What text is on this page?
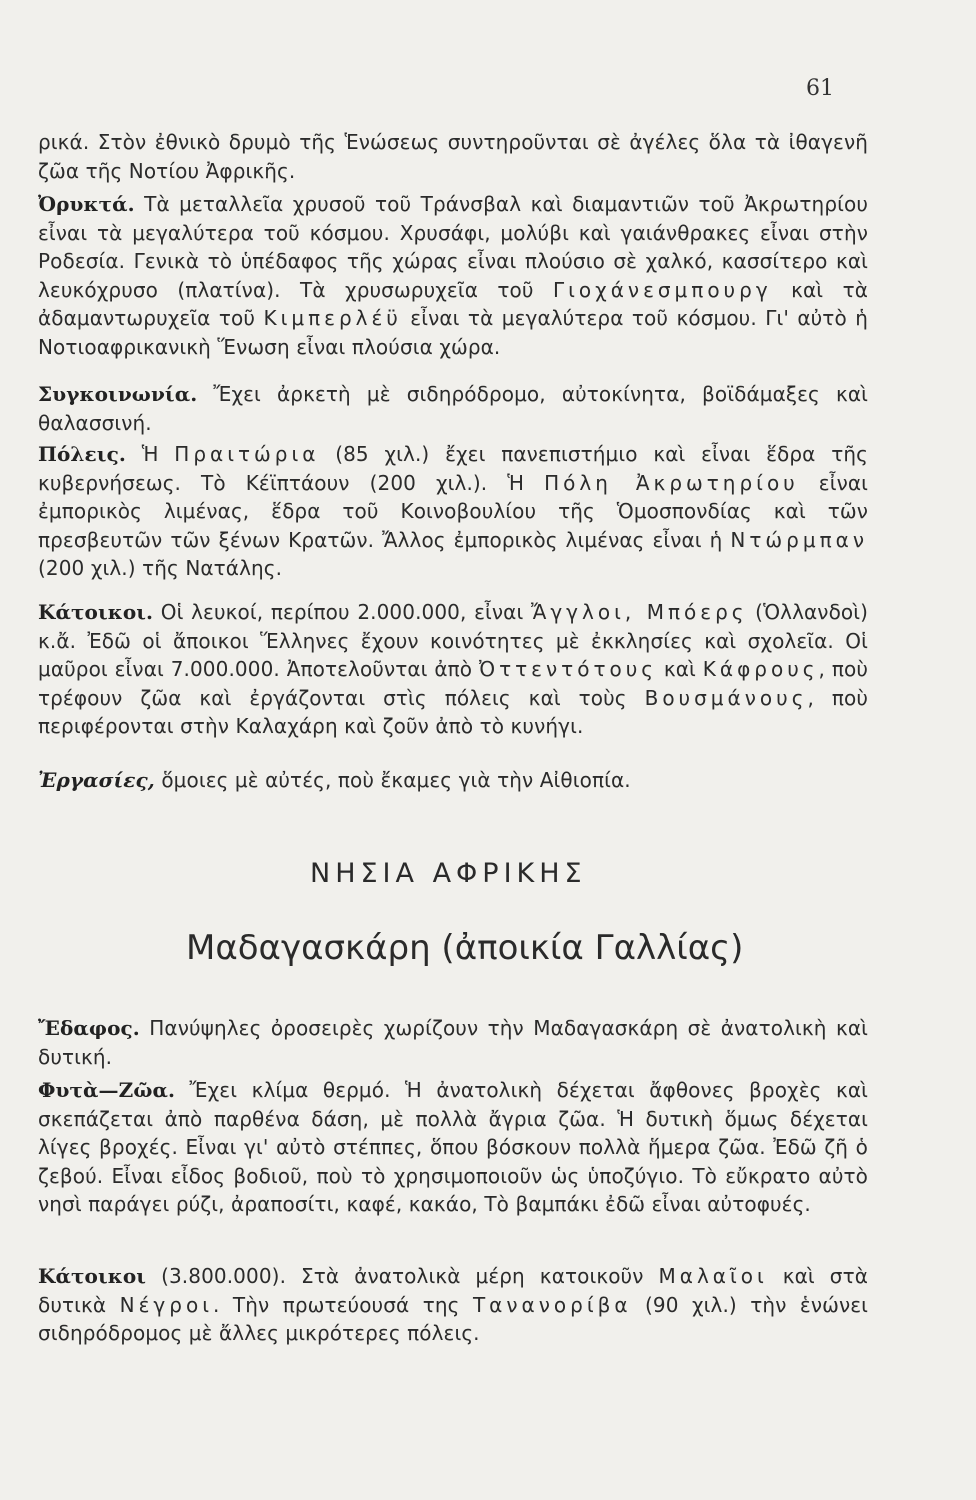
61

ρικά. Στὸν ἐθνικὸ δρυμὸ τῆς Ἑνώσεως συντηροῦνται σὲ ἀγέλες ὅλα τὰ ἰθαγενῆ ζῶα τῆς Νοτίου Ἀφρικῆς.

Ὀρυκτά. Τὰ μεταλλεῖα χρυσοῦ τοῦ Τράνσβαλ καὶ διαμαντιῶν τοῦ Ἀκρωτηρίου εἶναι τὰ μεγαλύτερα τοῦ κόσμου. Χρυσάφι, μολύβι καὶ γαιάνθρακες εἶναι στὴν Ροδεσία. Γενικὰ τὸ ὑπέδαφος τῆς χώρας εἶναι πλούσιο σὲ χαλκό, κασσίτερο καὶ λευκόχρυσο (πλατίνα). Τὰ χρυσωρυχεῖα τοῦ Γιοχάνεσμπουργ καὶ τὰ ἀδαμαντωρυχεῖα τοῦ Κιμπερλέϋ εἶναι τὰ μεγαλύτερα τοῦ κόσμου. Γι' αὐτὸ ἡ Νοτιοαφρικανικὴ Ἕνωση εἶναι πλούσια χώρα.

Συγκοινωνία. Ἔχει ἀρκετὴ μὲ σιδηρόδρομο, αὐτοκίνητα, βοϊδάμαξες καὶ θαλασσινή.

Πόλεις. Ἡ Πραιτώρια (85 χιλ.) ἔχει πανεπιστήμιο καὶ εἶναι ἕδρα τῆς κυβερνήσεως. Τὸ Κέϊπτάουν (200 χιλ.). Ἡ Πόλη Ἀκρωτηρίου εἶναι ἐμπορικὸς λιμένας, ἕδρα τοῦ Κοινοβουλίου τῆς Ὁμοσπονδίας καὶ τῶν πρεσβευτῶν τῶν ξένων Κρατῶν. Ἄλλος ἐμπορικὸς λιμένας εἶναι ἡ Ντώρμπαν (200 χιλ.) τῆς Νατάλης.

Κάτοικοι. Οἱ λευκοί, περίπου 2.000.000, εἶναι Ἄγγλοι, Μπόερς (Ὁλλανδοὶ) κ.ἄ. Ἐδῶ οἱ ἄποικοι Ἕλληνες ἔχουν κοινότητες μὲ ἐκκλησίες καὶ σχολεῖα. Οἱ μαῦροι εἶναι 7.000.000. Ἀποτελοῦνται ἀπὸ Ὀττεντότους καὶ Κάφρους, ποὺ τρέφουν ζῶα καὶ ἐργάζονται στὶς πόλεις καὶ τοὺς Βουσμάνους, ποὺ περιφέρονται στὴν Καλαχάρη καὶ ζοῦν ἀπὸ τὸ κυνήγι.

Ἐργασίες, ὅμοιες μὲ αὐτές, ποὺ ἔκαμες γιὰ τὴν Αἰθιοπία.

ΝΗΣΙΑ ΑΦΡΙΚΗΣ
Μαδαγασκάρη (ἀποικία Γαλλίας)

Ἔδαφος. Πανύψηλες ὀροσειρὲς χωρίζουν τὴν Μαδαγασκάρη σὲ ἀνατολικὴ καὶ δυτική.

Φυτὰ—Ζῶα. Ἔχει κλίμα θερμό. Ἡ ἀνατολικὴ δέχεται ἄφθονες βροχὲς καὶ σκεπάζεται ἀπὸ παρθένα δάση, μὲ πολλὰ ἄγρια ζῶα. Ἡ δυτικὴ ὅμως δέχεται λίγες βροχές. Εἶναι γι' αὐτὸ στέππες, ὅπου βόσκουν πολλὰ ἥμερα ζῶα. Ἐδῶ ζῆ ὁ ζεβού. Εἶναι εἶδος βοδιοῦ, ποὺ τὸ χρησιμοποιοῦν ὡς ὑποζύγιο. Τὸ εὔκρατο αὐτὸ νησὶ παράγει ρύζι, ἀραποσίτι, καφέ, κακάο, Τὸ βαμπάκι ἐδῶ εἶναι αὐτοφυές.

Κάτοικοι (3.800.000). Στὰ ἀνατολικὰ μέρη κατοικοῦν Μαλαῖοι καὶ στὰ δυτικὰ Νέγροι. Τὴν πρωτεύουσά της Τανανορίβα (90 χιλ.) τὴν ἑνώνει σιδηρόδρομος μὲ ἄλλες μικρότερες πόλεις.
